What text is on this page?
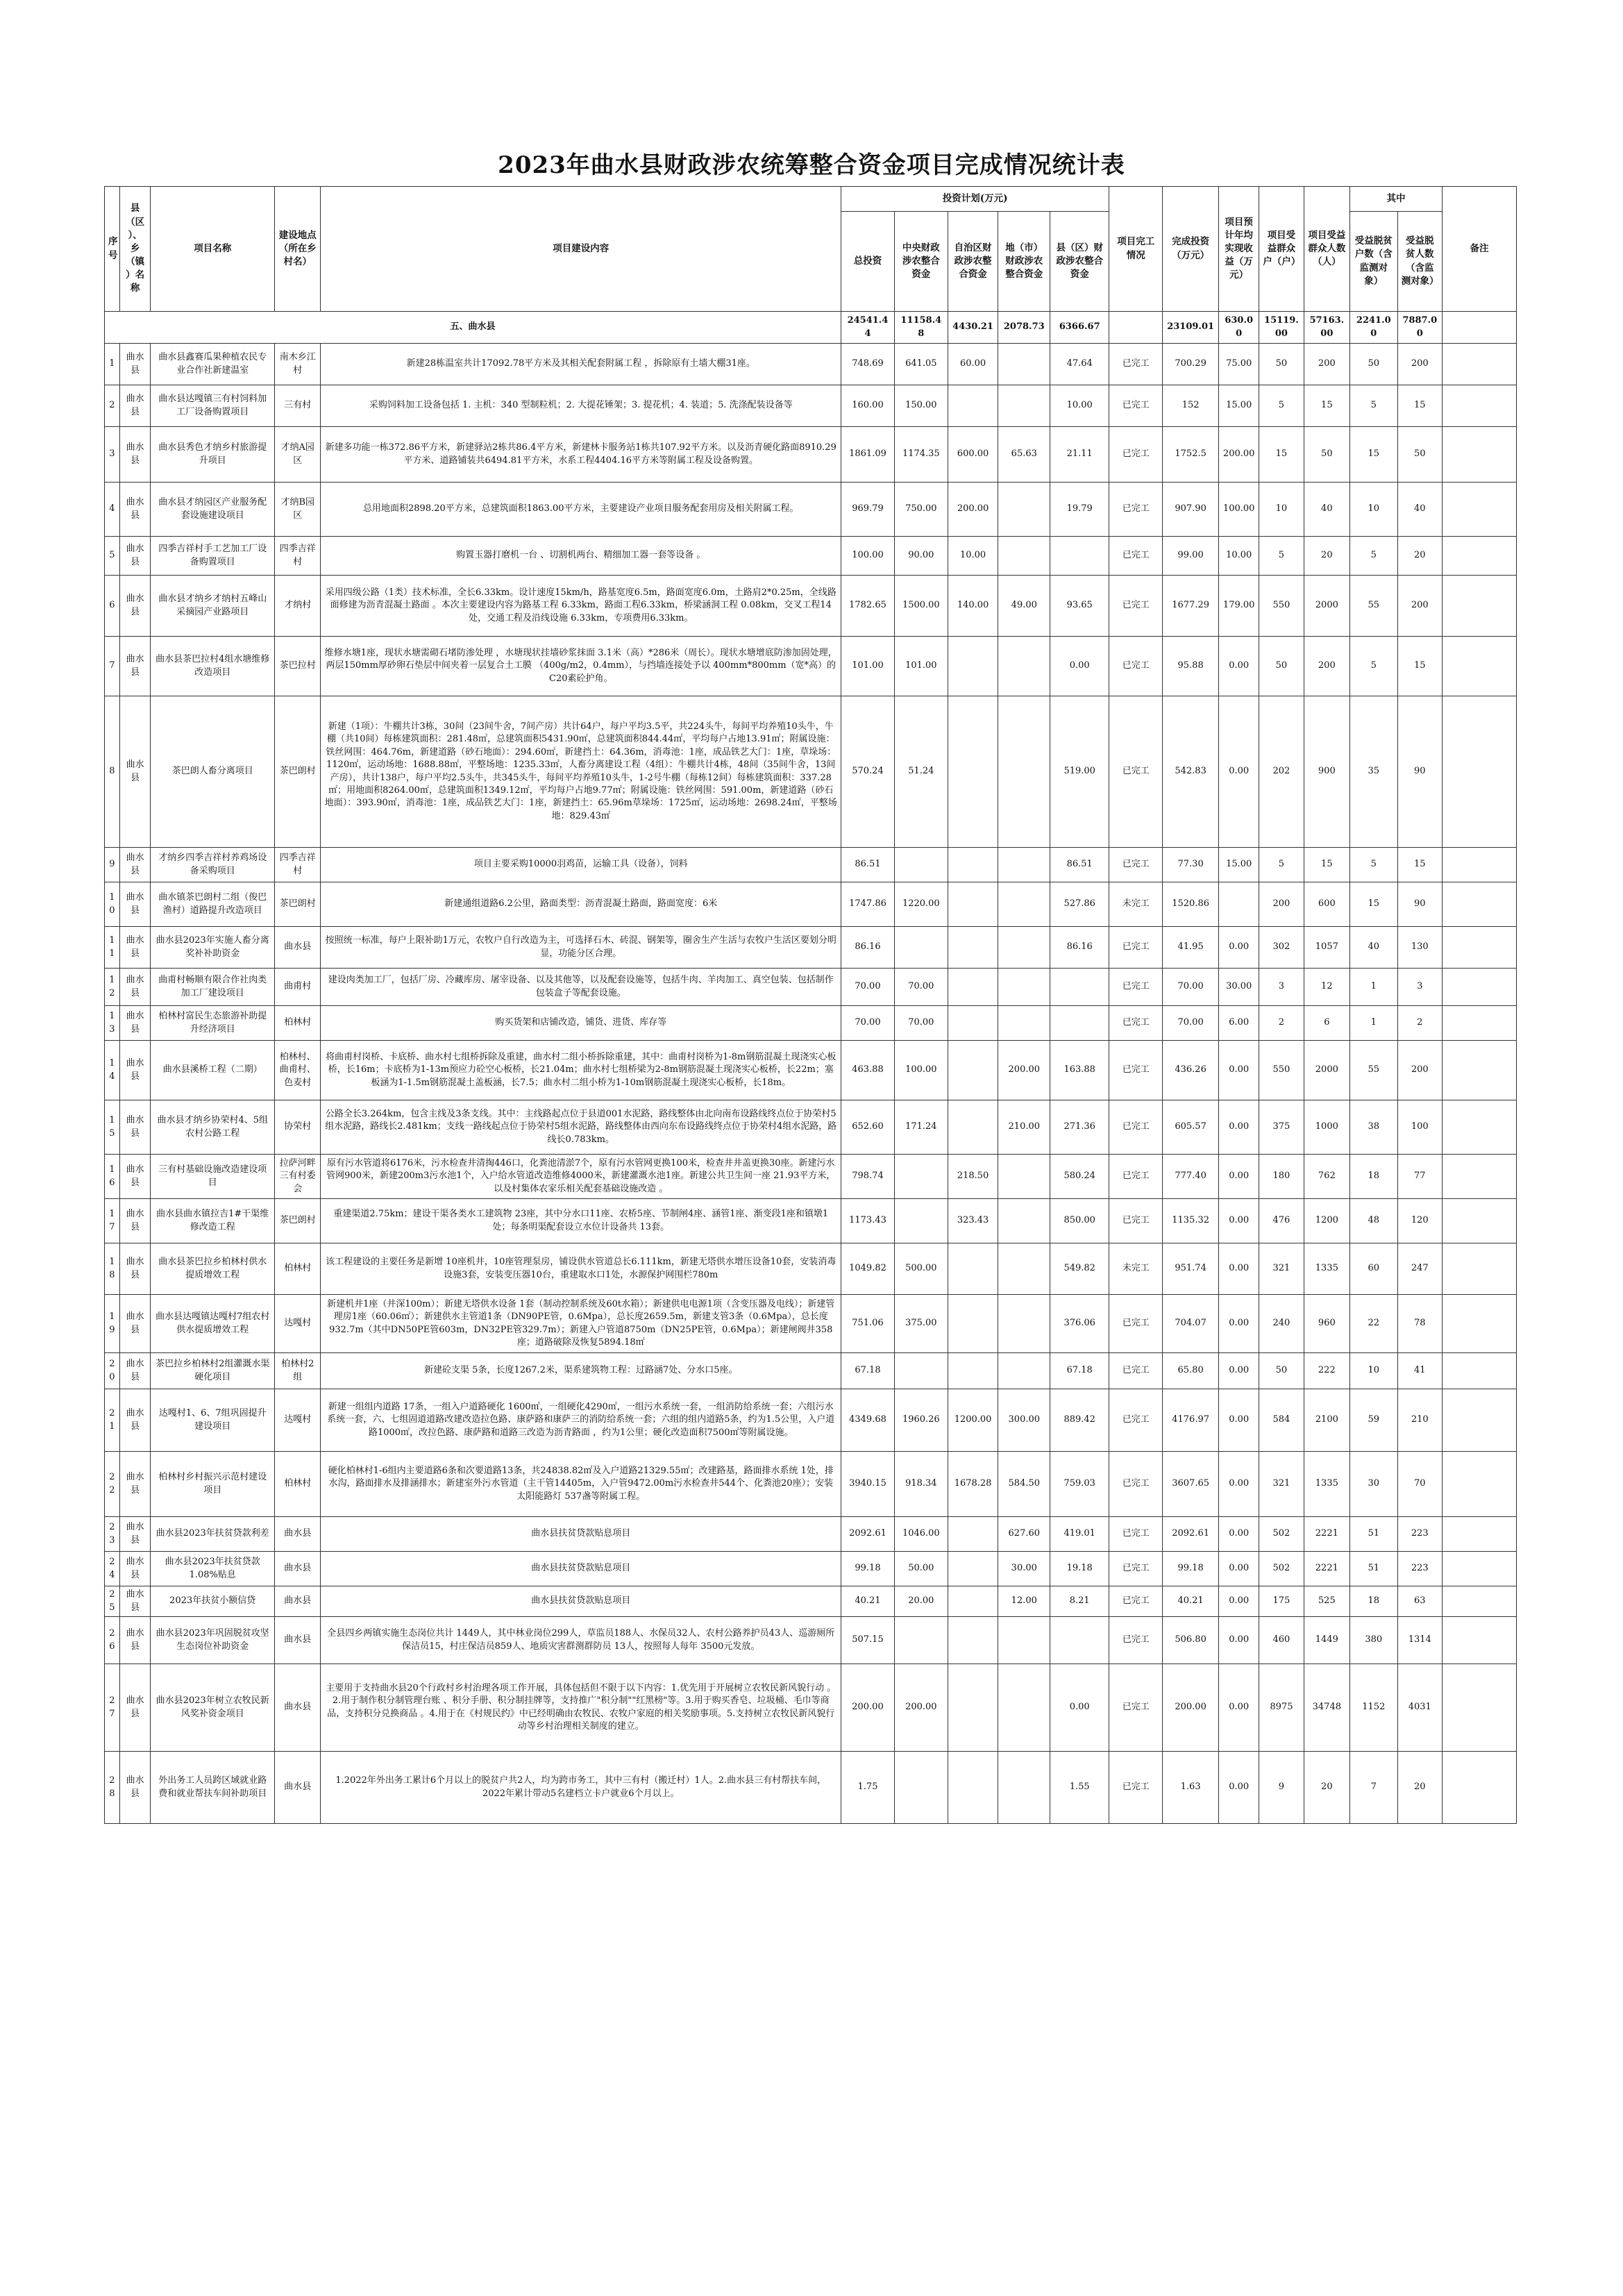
2023年曲水县财政涉农统筹整合资金项目完成情况统计表
序号	县（区）、乡（镇）名称	项目名称	建设地点（所在乡村名）	项目建设内容	投资计划(万元)					项目完工情况	完成投资（万元）	项目预计年均实现收益（万元）	项目受益群众户（户）	项目受益群众人数（人）	其中		备注
					总投资	中央财政涉农整合资金	自治区财政涉农整合资金	地（市）财政涉农整合资金	县（区）财政涉农整合资金						受益脱贫户数（含监测对象）	受益脱贫人数（含监测对象）	
五、曲水县					24541.44	11158.48	4430.21	2078.73	6366.67		23109.01	630.00	15119.00	57163.00	2241.00	7887.00	
1	曲水县	曲水县鑫赛瓜果种植农民专业合作社新建温室	南木乡江村	新建28栋温室共计17092.78平方米及其相关配套附属工程 ，拆除原有土墙大棚31座。	748.69	641.05	60.00		47.64	已完工	700.29	75.00	50	200	50	200	
2	曲水县	曲水县达嘎镇三有村饲料加工厂设备购置项目	三有村	采购饲料加工设备包括 1. 主机：340 型制粒机；2. 大提花锤架；3. 提花机；4. 装道；5. 洗涤配装设备等	160.00	150.00			10.00	已完工	152	15.00	5	15	5	15	
3	曲水县	曲水县秀色才纳乡村旅游提升项目	才纳A园区	新建多功能一栋372.86平方米，新建驿站2栋共86.4平方米，新建林卡服务站1栋共107.92平方米。以及沥青硬化路面8910.29平方米、道路铺装共6494.81平方米，水系工程4404.16平方米等附属工程及设备购置。	1861.09	1174.35	600.00	65.63	21.11	已完工	1752.5	200.00	15	50	15	50	
4	曲水县	曲水县才纳园区产业服务配套设施建设项目	才纳B园区	总用地面积2898.20平方米，总建筑面积1863.00平方米，主要建设产业项目服务配套用房及相关附属工程。	969.79	750.00	200.00		19.79	已完工	907.90	100.00	10	40	10	40	
5	曲水县	四季吉祥村手工艺加工厂设备购置项目	四季吉祥村	购置玉器打磨机一台 、切割机两台、精细加工器一套等设备 。	100.00	90.00	10.00			已完工	99.00	10.00	5	20	5	20	
6	曲水县	曲水县才纳乡才纳村五峰山采摘园产业路项目	才纳村	采用四级公路（1类）技术标准，全长6.33km。设计速度15km/h，路基宽度6.5m，路面宽度6.0m，土路肩2*0.25m，全线路面修建为沥青混凝土路面 。本次主要建设内容为路基工程 6.33km，路面工程6.33km，桥梁涵洞工程 0.08km，交叉工程14处，交通工程及沿线设施 6.33km，专项费用6.33km。	1782.65	1500.00	140.00	49.00	93.65	已完工	1677.29	179.00	550	2000	55	200	
7	曲水县	曲水县茶巴拉村4组水塘维修改造项目	茶巴拉村	维修水塘1座，现状水塘需砌石堵防渗处理 ，水塘现状挂墙砂浆抹面 3.1米（高）*286米（周长）。现状水塘增底防渗加固处理，两层150mm厚砂卵石垫层中间夹着一层复合土工膜 （400g/m2，0.4mm），与挡墙连接处予以 400mm*800mm（宽*高）的C20素砼护角。	101.00	101.00			0.00	已完工	95.88	0.00	50	200	5	15	
8	曲水县	茶巴朗人畜分离项目	茶巴朗村	新建（1项）：牛棚共计3栋，30间（23间牛舍，7间产房）共计64户，每户平均3.5平，共224头牛，每间平均养殖10头牛，牛棚（共10间）每栋建筑面积：281.48㎡，总建筑面积5431.90㎡，总建筑面积844.44㎡，平均每户占地13.91㎡；附属设施：铁丝网围：464.76m，新建道路（砂石地面）：294.60㎡，新建挡土：64.36m，消毒池：1座，成品铁艺大门：1座，草垛场：1120㎡，运动场地：1688.88㎡，平整场地：1235.33㎡，人畜分离建设工程（4组）：牛棚共计4栋，48间（35间牛舍，13间产房），共计138户，每户平均2.5头牛，共345头牛，每间平均养殖10头牛，1-2号牛棚（每栋12间）每栋建筑面积：337.28㎡；用地面积8264.00㎡，总建筑面积1349.12㎡，平均每户占地9.77㎡；附属设施：铁丝网围：591.00m，新建道路（砂石地面）：393.90㎡，消毒池：1座，成品铁艺大门：1座，新建挡土：65.96m草垛场：1725㎡，运动场地：2698.24㎡，平整场地：829.43㎡	570.24	51.24			519.00	已完工	542.83	0.00	202	900	35	90	
9	曲水县	才纳乡四季吉祥村养鸡场设备采购项目	四季吉祥村	项目主要采购10000羽鸡苗，运输工具（设备），饲料	86.51				86.51	已完工	77.30	15.00	5	15	5	15	
10	曲水县	曲水镇茶巴朗村二组（俊巴渔村）道路提升改造项目	茶巴朗村	新建通组道路6.2公里，路面类型：沥青混凝土路面，路面宽度：6米	1747.86	1220.00			527.86	未完工	1520.86		200	600	15	90	
11	曲水县	曲水县2023年实施人畜分离奖补补助资金	曲水县	按照统一标准，每户上限补助1万元，农牧户自行改造为主，可选择石木、砖混、钢架等，圈舍生产生活与农牧户生活区要划分明显，功能分区合理。	86.16				86.16	已完工	41.95	0.00	302	1057	40	130	
12	曲水县	曲甫村畅顺有限合作社肉类加工厂建设项目	曲甫村	建设肉类加工厂，包括厂房、冷藏库房、屠宰设备、以及其他等，以及配套设施等，包括牛肉、羊肉加工、真空包装、包括制作包装盒子等配套设施。	70.00	70.00				已完工	70.00	30.00	3	12	1	3	
13	曲水县	柏林村富民生态旅游补助提升经济项目	柏林村	购买货架和店铺改造，铺货、进货、库存等	70.00	70.00				已完工	70.00	6.00	2	6	1	2	
14	曲水县	曲水县溪桥工程（二期）	柏林村、曲甫村、色麦村	将曲甫村岗桥、卡底桥、曲水村七组桥拆除及重建，曲水村二组小桥拆除重建，其中：曲甫村岗桥为1-8m钢筋混凝土现浇实心板桥，长16m；卡底桥为1-13m预应力砼空心板桥，长21.04m；曲水村七组桥梁为2-8m钢筋混凝土现浇实心板桥，长22m；塞板涵为1-1.5m钢筋混凝土盖板涵，长7.5；曲水村二组小桥为1-10m钢筋混凝土现浇实心板桥，长18m。	463.88	100.00		200.00	163.88	已完工	436.26	0.00	550	2000	55	200	
15	曲水县	曲水县才纳乡协荣村4、5组农村公路工程	协荣村	公路全长3.264km，包含主线及3条支线。其中：主线路起点位于县道001水泥路，路线整体由北向南布设路线终点位于协荣村5组水泥路，路线长2.481km；支线一路线起点位于协荣村5组水泥路，路线整体由西向东布设路线终点位于协荣村4组水泥路，路线长0.783km。	652.60	171.24		210.00	271.36	已完工	605.57	0.00	375	1000	38	100	
16	曲水县	三有村基础设施改造建设项目	拉萨河畔三有村委会	原有污水管道将6176米，污水检查井清掏446口，化粪池清淤7个，原有污水管网更换100米，检查井井盖更换30座。新建污水管网900米，新建200m3污水池1个，入户给水管道改造维修4000米，新建灌溉水池1座。新建公共卫生间一座 21.93平方米，以及村集体农家乐相关配套基础设施改造 。	798.74		218.50		580.24	已完工	777.40	0.00	180	762	18	77	
17	曲水县	曲水县曲水镇拉吉1#干渠维修改造工程	茶巴朗村	重建渠道2.75km；建设干渠各类水工建筑物 23座，其中分水口11座、农桥5座、节制闸4座、涵管1座、渐变段1座和镇墩1处；每条明渠配套设立水位计设备共 13套。	1173.43		323.43		850.00	已完工	1135.32	0.00	476	1200	48	120	
18	曲水县	曲水县茶巴拉乡柏林村供水提质增效工程	柏林村	该工程建设的主要任务是新增 10座机井，10座管理泵房，铺设供水管道总长6.111km，新建无塔供水增压设备10套，安装消毒设施3套，安装变压器10台，重建取水口1处，水源保护网围栏780m	1049.82	500.00			549.82	未完工	951.74	0.00	321	1335	60	247	
19	曲水县	曲水县达嘎镇达嘎村7组农村供水提质增效工程	达嘎村	新建机井1座（井深100m）；新建无塔供水设备 1套（制动控制系统及60t水箱）；新建供电电源1项（含变压器及电线）；新建管理房1座（60.06㎡）；新建供水主管道1条（DN90PE管，0.6Mpa），总长度2659.5m，新建支管3条（0.6Mpa），总长度932.7m（其中DN50PE管603m，DN32PE管329.7m）；新建入户管道8750m（DN25PE管，0.6Mpa）；新建闸阀井358座；道路破除及恢复5894.18㎡	751.06	375.00			376.06	已完工	704.07	0.00	240	960	22	78	
20	曲水县	茶巴拉乡柏林村2组灌溉水渠硬化项目	柏林村2组	新建砼支渠 5条，长度1267.2米，渠系建筑物工程：过路涵7处、分水口5座。	67.18				67.18	已完工	65.80	0.00	50	222	10	41	
21	曲水县	达嘎村1、6、7组巩固提升建设项目	达嘎村	新建一组组内道路 17条，一组入户道路硬化 1600㎡，一组硬化4290㎡，一组污水系统一套，一组消防给系统一套；六组污水系统一套，六、七组固道道路改建改造拉色路、康萨路和康萨三的消防给系统一套；六组的组内道路5条，约为1.5公里，入户道路1000㎡，改拉色路、康萨路和道路三改造为沥青路面 ，约为1公里；硬化改造面积7500㎡等附属设施。	4349.68	1960.26	1200.00	300.00	889.42	已完工	4176.97	0.00	584	2100	59	210	
22	曲水县	柏林村乡村振兴示范村建设项目	柏林村	硬化柏林村1-6组内主要道路6条和次要道路13条，共24838.82㎡及入户道路21329.55㎡；改建路基，路面排水系统 1处，排水沟，路面排水及排涵排水；新建室外污水管道（主干管14405m，入户管9472.00m污水检查井544个、化粪池20座）；安装太阳能路灯 537盏等附属工程。	3940.15	918.34	1678.28	584.50	759.03	已完工	3607.65	0.00	321	1335	30	70	
23	曲水县	曲水县2023年扶贫贷款利差	曲水县	曲水县扶贫贷款贴息项目	2092.61	1046.00		627.60	419.01	已完工	2092.61	0.00	502	2221	51	223	
24	曲水县	曲水县2023年扶贫贷款1.08%贴息	曲水县	曲水县扶贫贷款贴息项目	99.18	50.00		30.00	19.18	已完工	99.18	0.00	502	2221	51	223	
25	曲水县	2023年扶贫小额信贷	曲水县	曲水县扶贫贷款贴息项目	40.21	20.00		12.00	8.21	已完工	40.21	0.00	175	525	18	63	
26	曲水县	曲水县2023年巩固脱贫攻坚生态岗位补助资金	曲水县	全县四乡两镇实施生态岗位共计 1449人，其中林业岗位299人，草监员188人、水保员32人、农村公路养护员43人、巡游厕所保洁员15，村庄保洁员859人、地质灾害群测群防员 13人，按照每人每年 3500元发放。	507.15					已完工	506.80	0.00	460	1449	380	1314	
27	曲水县	曲水县2023年树立农牧民新风奖补资金项目	曲水县	主要用于支持曲水县20个行政村乡村治理各项工作开展，具体包括但不限于以下内容：1.优先用于开展树立农牧民新风貌行动 。2.用于制作积分制管理台账 、积分手册、积分制挂牌等，支持推广"积分制""红黑榜"等。3.用于购买香皂、垃圾桶、毛巾等商品，支持积分兑换商品 。4.用于在《村规民约》中已经明确由农牧民、农牧户家庭的相关奖励事项。5.支持树立农牧民新风貌行动等乡村治理相关制度的建立。	200.00	200.00			0.00	已完工	200.00	0.00	8975	34748	1152	4031	
28	曲水县	外出务工人员跨区域就业路费和就业帮扶车间补助项目	曲水县	1.2022年外出务工累计6个月以上的脱贫户共2人，均为跨市务工，其中三有村（搬迁村）1人。2.曲水县三有村帮扶车间，2022年累计带动5名建档立卡户就业6个月以上。	1.75				1.55	已完工	1.63	0.00	9	20	7	20	
